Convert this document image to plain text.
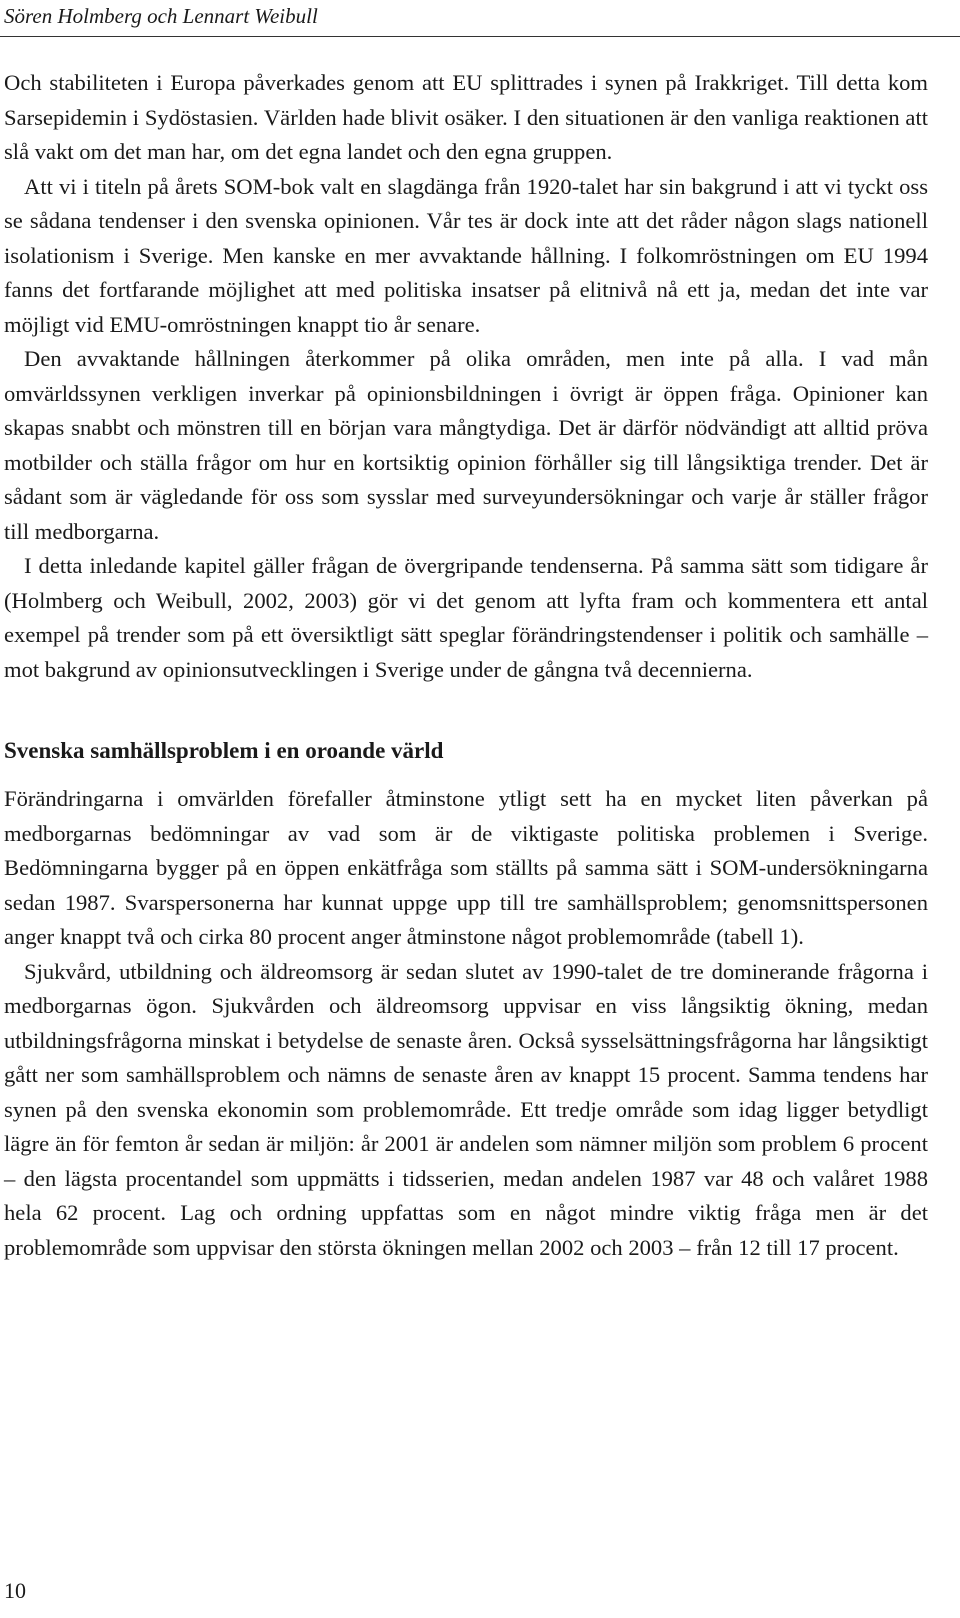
Sören Holmberg och Lennart Weibull

Och stabiliteten i Europa påverkades genom att EU splittrades i synen på Irakkriget. Till detta kom Sarsepidemin i Sydöstasien. Världen hade blivit osäker. I den situationen är den vanliga reaktionen att slå vakt om det man har, om det egna landet och den egna gruppen.

Att vi i titeln på årets SOM-bok valt en slagdänga från 1920-talet har sin bakgrund i att vi tyckt oss se sådana tendenser i den svenska opinionen. Vår tes är dock inte att det råder någon slags nationell isolationism i Sverige. Men kanske en mer avvaktande hållning. I folkomröstningen om EU 1994 fanns det fortfarande möjlighet att med politiska insatser på elitnivå nå ett ja, medan det inte var möjligt vid EMU-omröstningen knappt tio år senare.

Den avvaktande hållningen återkommer på olika områden, men inte på alla. I vad mån omvärldssynen verkligen inverkar på opinionsbildningen i övrigt är öppen fråga. Opinioner kan skapas snabbt och mönstren till en början vara mångtydiga. Det är därför nödvändigt att alltid pröva motbilder och ställa frågor om hur en kortsiktig opinion förhåller sig till långsiktiga trender. Det är sådant som är vägledande för oss som sysslar med surveyundersökningar och varje år ställer frågor till medborgarna.

I detta inledande kapitel gäller frågan de övergripande tendenserna. På samma sätt som tidigare år (Holmberg och Weibull, 2002, 2003) gör vi det genom att lyfta fram och kommentera ett antal exempel på trender som på ett översiktligt sätt speglar förändringstendenser i politik och samhälle – mot bakgrund av opinionsutvecklingen i Sverige under de gångna två decennierna.

Svenska samhällsproblem i en oroande värld

Förändringarna i omvärlden förefaller åtminstone ytligt sett ha en mycket liten påverkan på medborgarnas bedömningar av vad som är de viktigaste politiska problemen i Sverige. Bedömningarna bygger på en öppen enkätfråga som ställts på samma sätt i SOM-undersökningarna sedan 1987. Svarspersonerna har kunnat uppge upp till tre samhällsproblem; genomsnittspersonen anger knappt två och cirka 80 procent anger åtminstone något problemområde (tabell 1).

Sjukvård, utbildning och äldreomsorg är sedan slutet av 1990-talet de tre dominerande frågorna i medborgarnas ögon. Sjukvården och äldreomsorg uppvisar en viss långsiktig ökning, medan utbildningsfrågorna minskat i betydelse de senaste åren. Också sysselsättningsfrågorna har långsiktigt gått ner som samhällsproblem och nämns de senaste åren av knappt 15 procent. Samma tendens har synen på den svenska ekonomin som problemområde. Ett tredje område som idag ligger betydligt lägre än för femton år sedan är miljön: år 2001 är andelen som nämner miljön som problem 6 procent – den lägsta procentandel som uppmätts i tidsserien, medan andelen 1987 var 48 och valåret 1988 hela 62 procent. Lag och ordning uppfattas som en något mindre viktig fråga men är det problemområde som uppvisar den största ökningen mellan 2002 och 2003 – från 12 till 17 procent.

10
